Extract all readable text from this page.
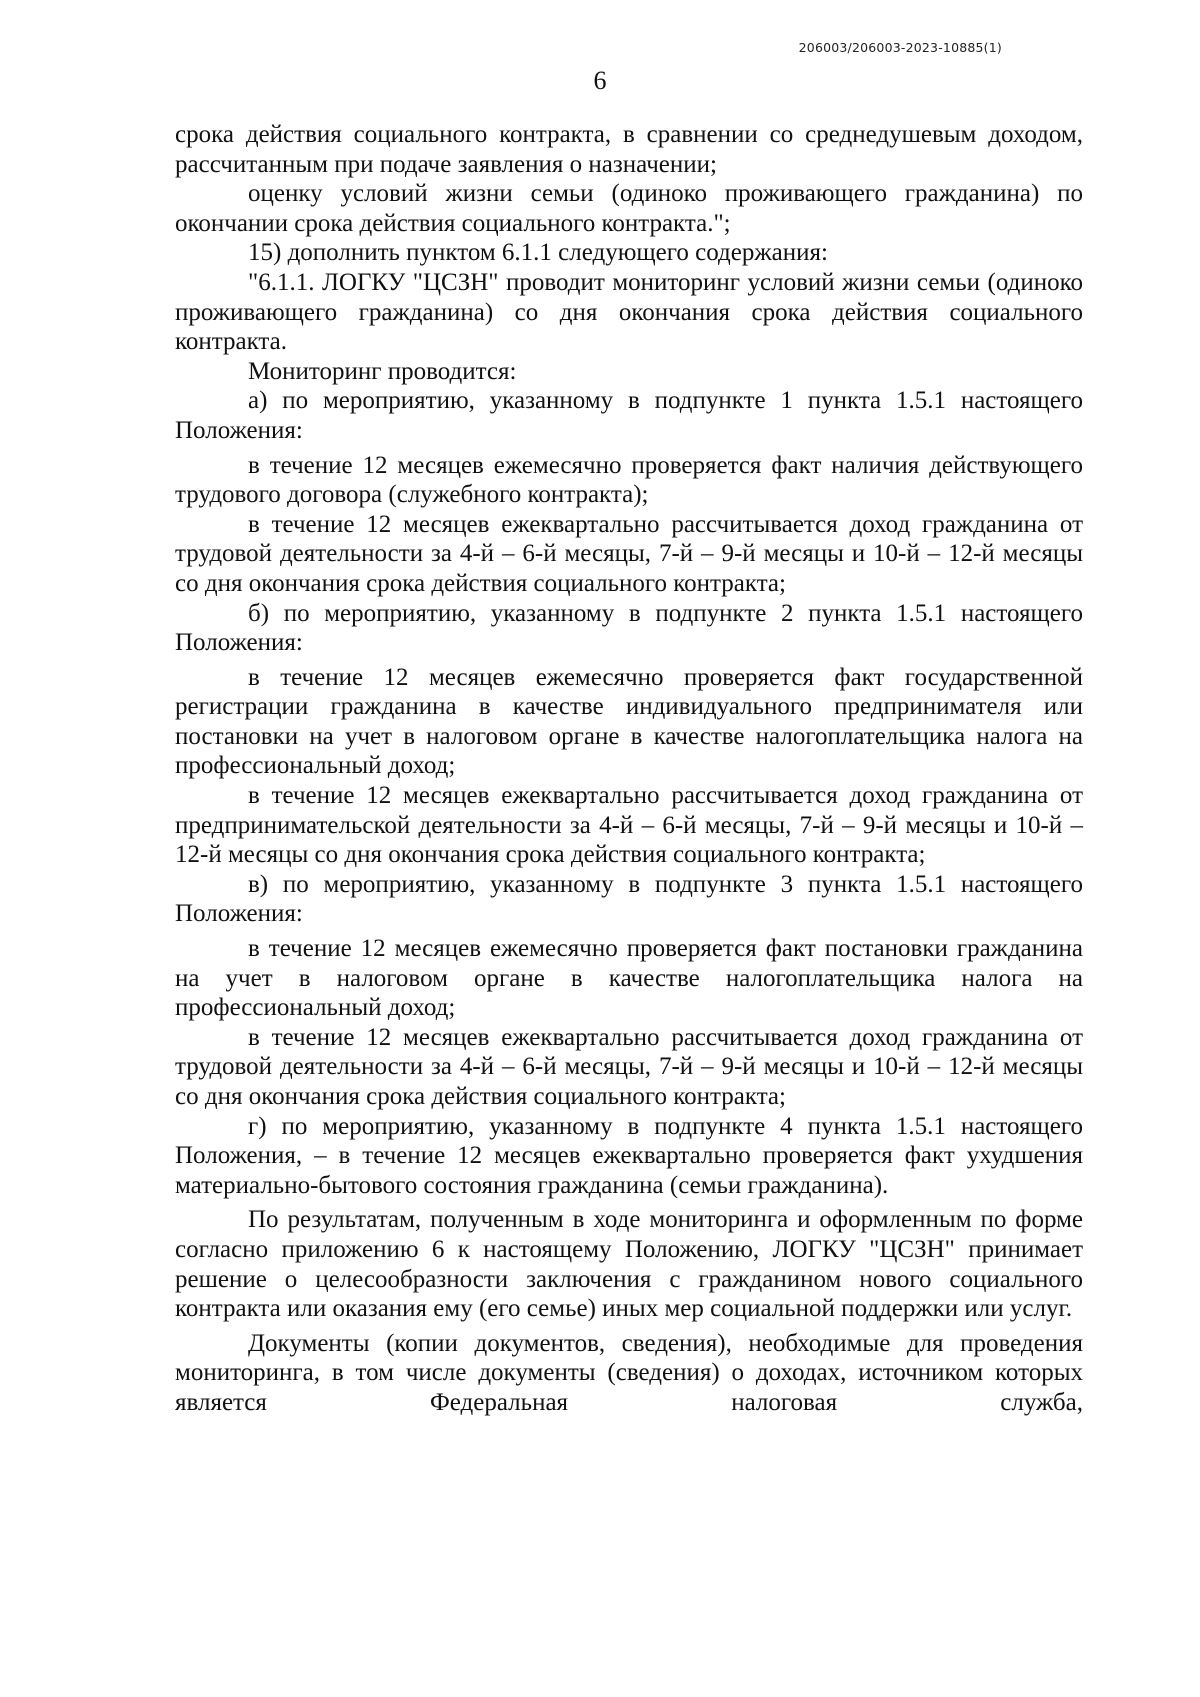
206003/206003-2023-10885(1)
6

срока действия социального контракта, в сравнении со среднедушевым доходом, рассчитанным при подаче заявления о назначении;

оценку условий жизни семьи (одиноко проживающего гражданина) по окончании срока действия социального контракта.";

15) дополнить пунктом 6.1.1 следующего содержания:

"6.1.1. ЛОГКУ "ЦСЗН" проводит мониторинг условий жизни семьи (одиноко проживающего гражданина) со дня окончания срока действия социального контракта.

Мониторинг проводится:

а) по мероприятию, указанному в подпункте 1 пункта 1.5.1 настоящего Положения:

в течение 12 месяцев ежемесячно проверяется факт наличия действующего трудового договора (служебного контракта);

в течение 12 месяцев ежеквартально рассчитывается доход гражданина от трудовой деятельности за 4-й – 6-й месяцы, 7-й – 9-й месяцы и 10-й – 12-й месяцы со дня окончания срока действия социального контракта;

б) по мероприятию, указанному в подпункте 2 пункта 1.5.1 настоящего Положения:

в течение 12 месяцев ежемесячно проверяется факт государственной регистрации гражданина в качестве индивидуального предпринимателя или постановки на учет в налоговом органе в качестве налогоплательщика налога на профессиональный доход;

в течение 12 месяцев ежеквартально рассчитывается доход гражданина от предпринимательской деятельности за 4-й – 6-й месяцы, 7-й – 9-й месяцы и 10-й – 12-й месяцы со дня окончания срока действия социального контракта;

в) по мероприятию, указанному в подпункте 3 пункта 1.5.1 настоящего Положения:

в течение 12 месяцев ежемесячно проверяется факт постановки гражданина на учет в налоговом органе в качестве налогоплательщика налога на профессиональный доход;

в течение 12 месяцев ежеквартально рассчитывается доход гражданина от трудовой деятельности за 4-й – 6-й месяцы, 7-й – 9-й месяцы и 10-й – 12-й месяцы со дня окончания срока действия социального контракта;

г) по мероприятию, указанному в подпункте 4 пункта 1.5.1 настоящего Положения, – в течение 12 месяцев ежеквартально проверяется факт ухудшения материально-бытового состояния гражданина (семьи гражданина).

По результатам, полученным в ходе мониторинга и оформленным по форме согласно приложению 6 к настоящему Положению, ЛОГКУ "ЦСЗН" принимает решение о целесообразности заключения с гражданином нового социального контракта или оказания ему (его семье) иных мер социальной поддержки или услуг.

Документы (копии документов, сведения), необходимые для проведения мониторинга, в том числе документы (сведения) о доходах, источником которых является Федеральная налоговая служба,
